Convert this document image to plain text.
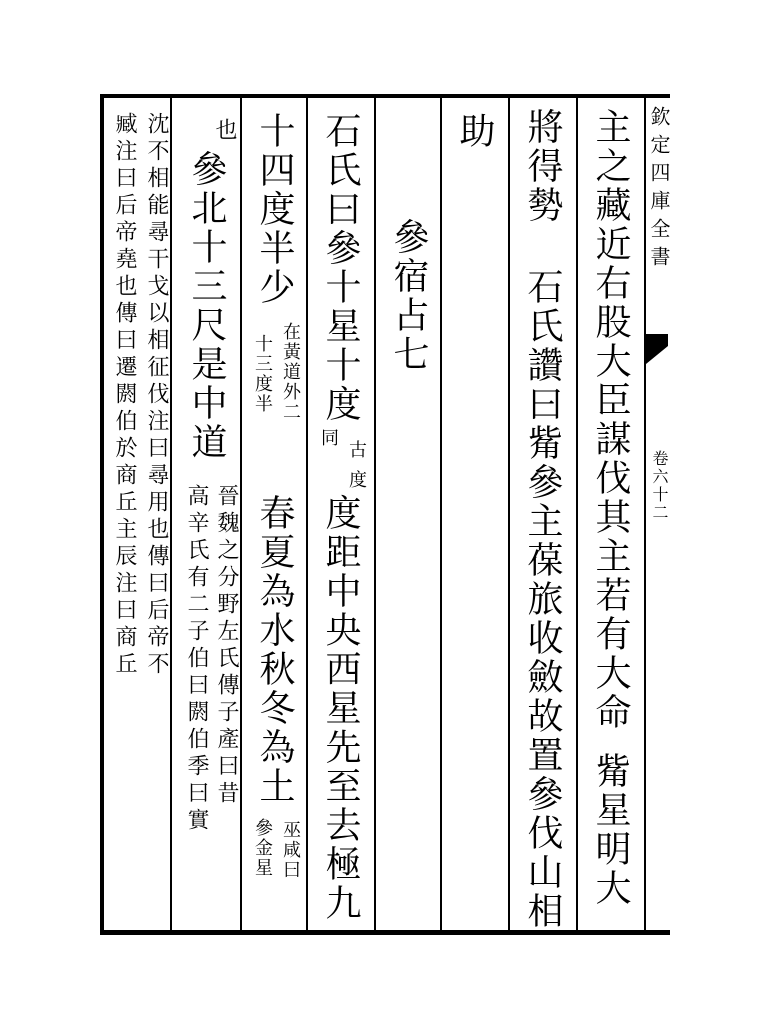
欽定四庫全書
卷六十二
主之藏近右股大臣謀伐其主若有大命
觜星明大
將得勢
石氏讚曰觜參主葆旅收斂故置參伐山相
助
參宿占七
石氏曰參十星十度
古
同
度
度距中央西星先至去極九
十四度半少
在黃道外二
十三度半
春夏為水秋冬為土
巫咸曰
參金星
也
參北十三尺是中道
晉魏之分野左氏傳子產曰昔
高辛氏有二子伯曰閼伯季曰實
沈不相能尋干戈以相征伐注曰尋用也傳曰后帝不
臧注曰后帝堯也傳曰遷閼伯於商丘主辰注曰商丘
